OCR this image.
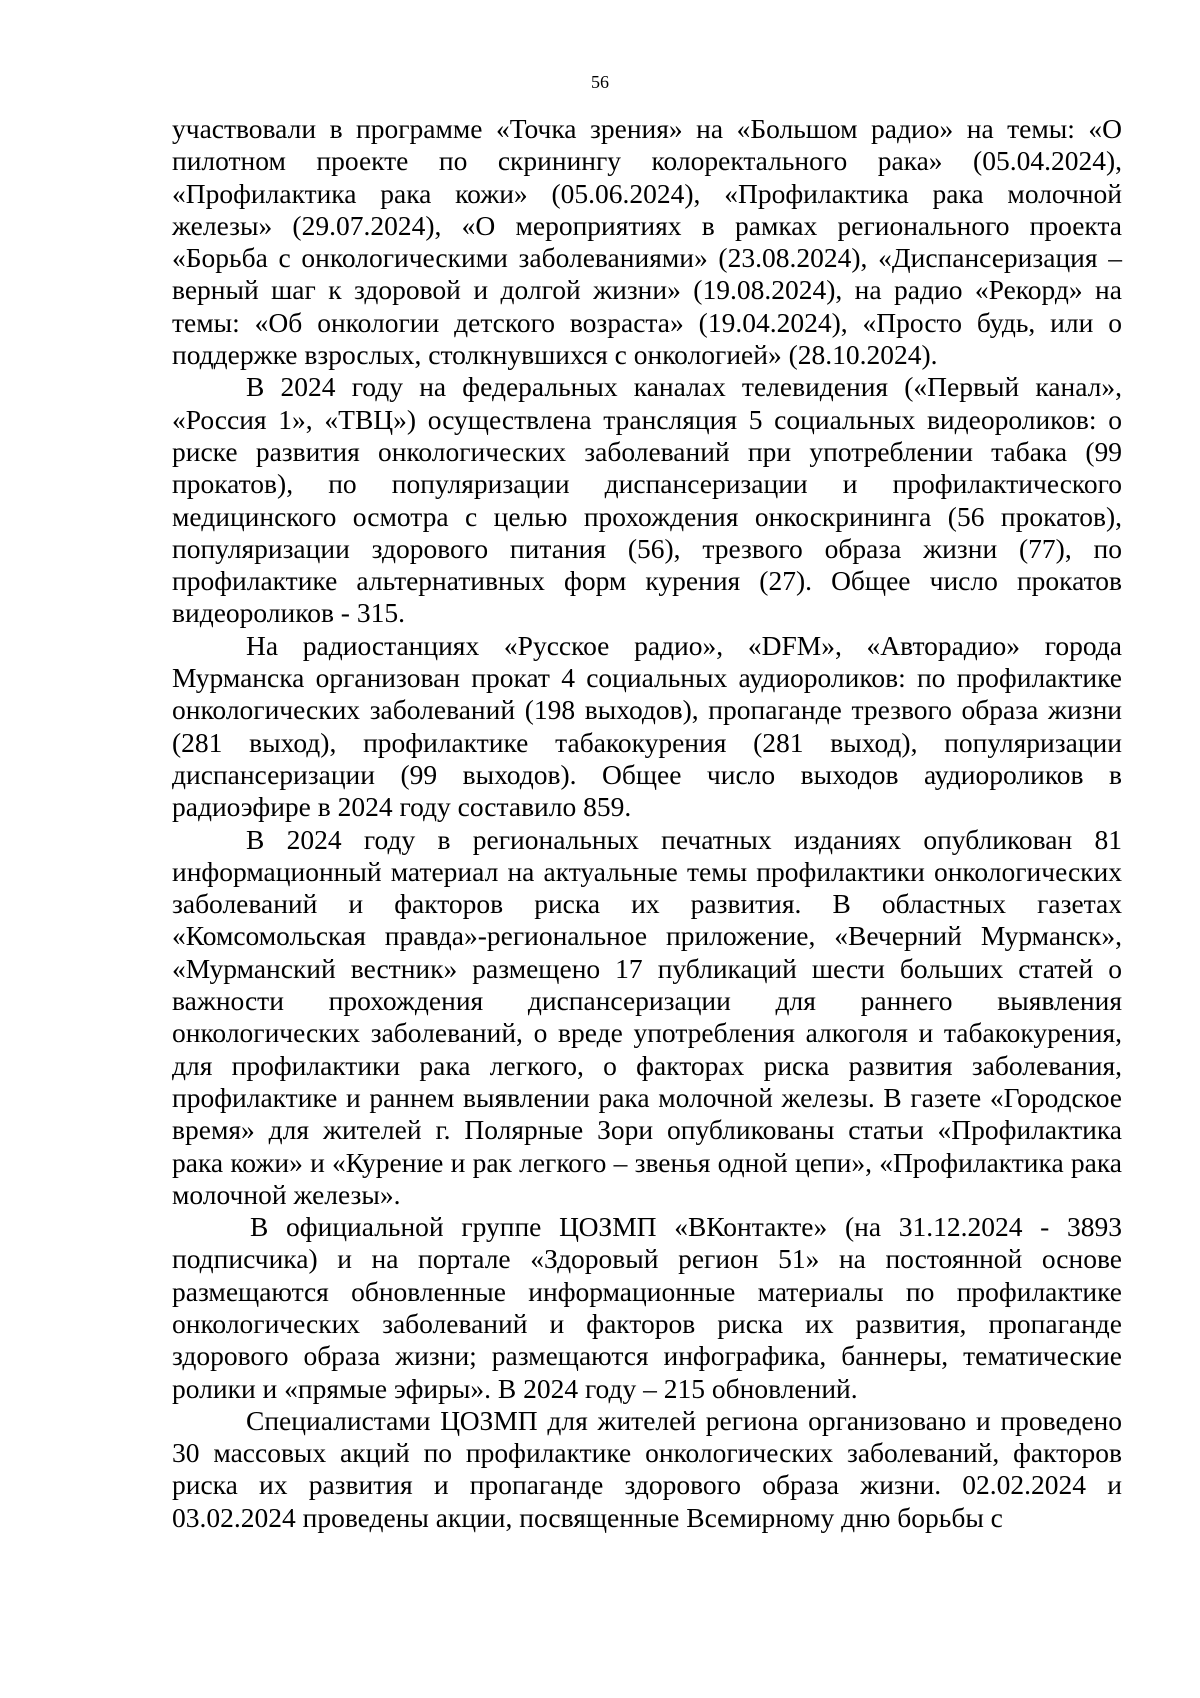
56

участвовали в программе «Точка зрения» на «Большом радио» на темы: «О пилотном проекте по скринингу колоректального рака» (05.04.2024), «Профилактика рака кожи» (05.06.2024), «Профилактика рака молочной железы» (29.07.2024), «О мероприятиях в рамках регионального проекта «Борьба с онкологическими заболеваниями» (23.08.2024), «Диспансеризация – верный шаг к здоровой и долгой жизни» (19.08.2024), на радио «Рекорд» на темы: «Об онкологии детского возраста» (19.04.2024), «Просто будь, или о поддержке взрослых, столкнувшихся с онкологией» (28.10.2024).

В 2024 году на федеральных каналах телевидения («Первый канал», «Россия 1», «ТВЦ») осуществлена трансляция 5 социальных видеороликов: о риске развития онкологических заболеваний при употреблении табака (99 прокатов), по популяризации диспансеризации и профилактического медицинского осмотра с целью прохождения онкоскрининга (56 прокатов), популяризации здорового питания (56), трезвого образа жизни (77), по профилактике альтернативных форм курения (27). Общее число прокатов видеороликов - 315.

На радиостанциях «Русское радио», «DFM», «Авторадио» города Мурманска организован прокат 4 социальных аудиороликов: по профилактике онкологических заболеваний (198 выходов), пропаганде трезвого образа жизни (281 выход), профилактике табакокурения (281 выход), популяризации диспансеризации (99 выходов). Общее число выходов аудиороликов в радиоэфире в 2024 году составило 859.

В 2024 году в региональных печатных изданиях опубликован 81 информационный материал на актуальные темы профилактики онкологических заболеваний и факторов риска их развития. В областных газетах «Комсомольская правда»-региональное приложение, «Вечерний Мурманск», «Мурманский вестник» размещено 17 публикаций шести больших статей о важности прохождения диспансеризации для раннего выявления онкологических заболеваний, о вреде употребления алкоголя и табакокурения, для профилактики рака легкого, о факторах риска развития заболевания, профилактике и раннем выявлении рака молочной железы. В газете «Городское время» для жителей г. Полярные Зори опубликованы статьи «Профилактика рака кожи» и «Курение и рак легкого – звенья одной цепи», «Профилактика рака молочной железы».

В официальной группе ЦОЗМП «ВКонтакте» (на 31.12.2024 - 3893 подписчика) и на портале «Здоровый регион 51» на постоянной основе размещаются обновленные информационные материалы по профилактике онкологических заболеваний и факторов риска их развития, пропаганде здорового образа жизни; размещаются инфографика, баннеры, тематические ролики и «прямые эфиры». В 2024 году – 215 обновлений.

Специалистами ЦОЗМП для жителей региона организовано и проведено 30 массовых акций по профилактике онкологических заболеваний, факторов риска их развития и пропаганде здорового образа жизни. 02.02.2024 и 03.02.2024 проведены акции, посвященные Всемирному дню борьбы с
